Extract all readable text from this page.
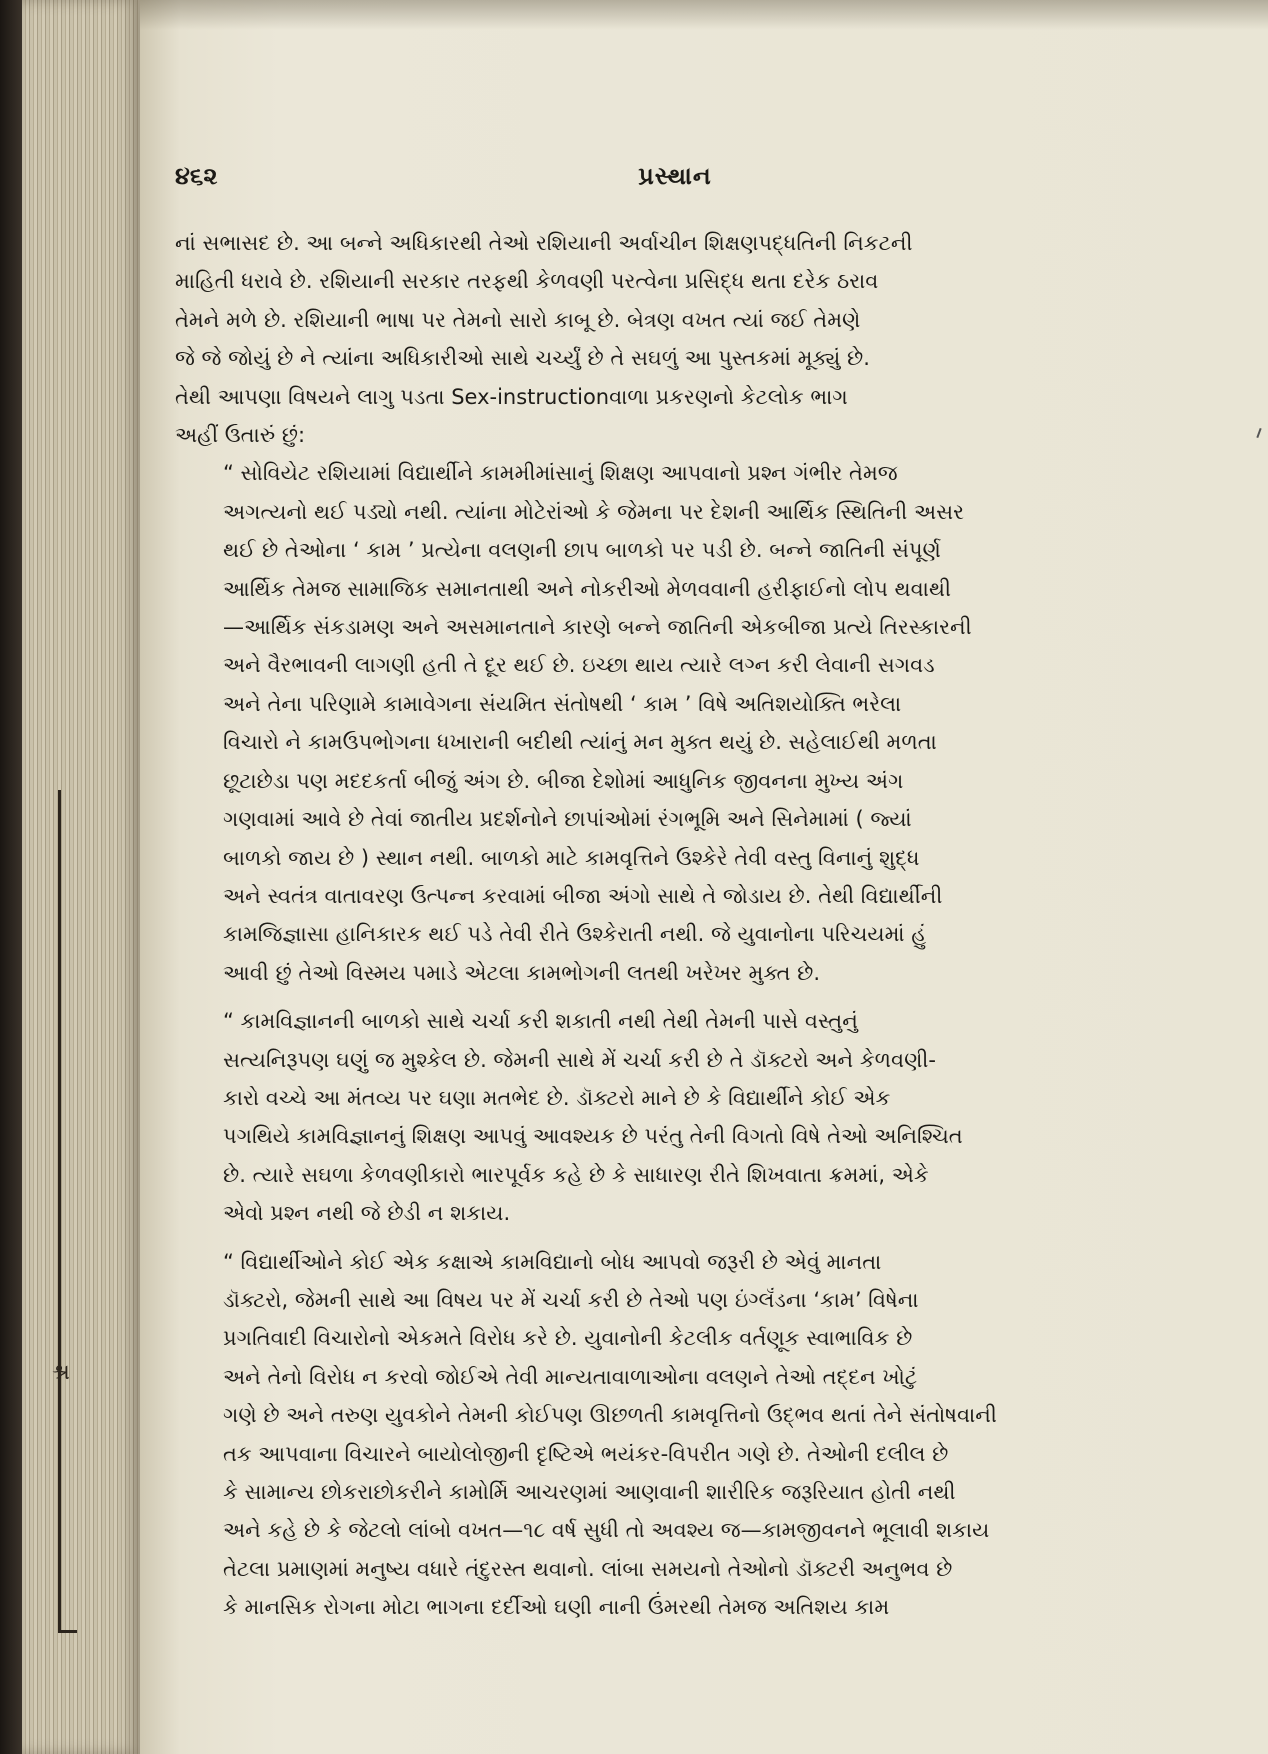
શ્ર
૪૬૨	પ્રસ્થાન
નાં સભાસદ છે. આ બન્ને અધિકારથી તેઓ રશિયાની અર્વાચીન શિક્ષણપદ્ધતિની નિકટની
માહિતી ધરાવે છે. રશિયાની સરકાર તરફથી કેળવણી પરત્વેના પ્રસિદ્ધ થતા દરેક ઠરાવ
તેમને મળે છે. રશિયાની ભાષા પર તેમનો સારો કાબૂ છે. બેત્રણ વખત ત્યાં જઈ તેમણે
જે જે જોયું છે ને ત્યાંના અધિકારીઓ સાથે ચર્ચ્યું છે તે સઘળું આ પુસ્તકમાં મૂક્યું છે.
તેથી આપણા વિષયને લાગુ પડતા Sex-instructionવાળા પ્રકરણનો કેટલોક ભાગ
અહીં ઉતારું છું:
“ સોવિયેટ રશિયામાં વિદ્યાર્થીને કામમીમાંસાનું શિક્ષણ આપવાનો પ્રશ્ન ગંભીર તેમજ
અગત્યનો થઈ પડ્યો નથી. ત્યાંના મોટેરાંઓ કે જેમના પર દેશની આર્થિક સ્થિતિની અસર
થઈ છે તેઓના ‘ કામ ’ પ્રત્યેના વલણની છાપ બાળકો પર પડી છે. બન્ને જાતિની સંપૂર્ણ
આર્થિક તેમજ સામાજિક સમાનતાથી અને નોકરીઓ મેળવવાની હરીફાઈનો લોપ થવાથી
—આર્થિક સંકડામણ અને અસમાનતાને કારણે બન્ને જાતિની એકબીજા પ્રત્યે તિરસ્કારની
અને વૈરભાવની લાગણી હતી તે દૂર થઈ છે. ઇચ્છા થાય ત્યારે લગ્ન કરી લેવાની સગવડ
અને તેના પરિણામે કામાવેગના સંયમિત સંતોષથી ‘ કામ ’ વિષે અતિશયોક્તિ ભરેલા
વિચારો ને કામઉપભોગના ધખારાની બદીથી ત્યાંનું મન મુક્ત થયું છે. સહેલાઈથી મળતા
છૂટાછેડા પણ મદદકર્તા બીજું અંગ છે. બીજા દેશોમાં આધુનિક જીવનના મુખ્ય અંગ
ગણવામાં આવે છે તેવાં જાતીય પ્રદર્શનોને છાપાંઓમાં રંગભૂમિ અને સિનેમામાં ( જ્યાં
બાળકો જાય છે ) સ્થાન નથી. બાળકો માટે કામવૃત્તિને ઉશ્કેરે તેવી વસ્તુ વિનાનું શુદ્ધ
અને સ્વતંત્ર વાતાવરણ ઉત્પન્ન કરવામાં બીજા અંગો સાથે તે જોડાય છે. તેથી વિદ્યાર્થીની
કામજિજ્ઞાસા હાનિકારક થઈ પડે તેવી રીતે ઉશ્કેરાતી નથી. જે યુવાનોના પરિચયમાં હું
આવી છું તેઓ વિસ્મય પમાડે એટલા કામભોગની લતથી ખરેખર મુક્ત છે.
“ કામવિજ્ઞાનની બાળકો સાથે ચર્ચા કરી શકાતી નથી તેથી તેમની પાસે વસ્તુનું
સત્યનિરૂપણ ઘણું જ મુશ્કેલ છે. જેમની સાથે મેં ચર્ચા કરી છે તે ડૉક્ટરો અને કેળવણી-
કારો વચ્ચે આ મંતવ્ય પર ઘણા મતભેદ છે. ડૉક્ટરો માને છે કે વિદ્યાર્થીને કોઈ એક
પગથિયે કામવિજ્ઞાનનું શિક્ષણ આપવું આવશ્યક છે પરંતુ તેની વિગતો વિષે તેઓ અનિશ્ચિત
છે. ત્યારે સઘળા કેળવણીકારો ભારપૂર્વક કહે છે કે સાધારણ રીતે શિખવાતા ક્રમમાં, એકે
એવો પ્રશ્ન નથી જે છેડી ન શકાય.
“ વિદ્યાર્થીઓને કોઈ એક કક્ષાએ કામવિદ્યાનો બોધ આપવો જરૂરી છે એવું માનતા
ડૉક્ટરો, જેમની સાથે આ વિષય પર મેં ચર્ચા કરી છે તેઓ પણ ઇંગ્લૅંડના ‘કામ’ વિષેના
પ્રગતિવાદી વિચારોનો એકમતે વિરોધ કરે છે. યુવાનોની કેટલીક વર્તણૂક સ્વાભાવિક છે
અને તેનો વિરોધ ન કરવો જોઈએ તેવી માન્યતાવાળાઓના વલણને તેઓ તદ્દન ખોટું
ગણે છે અને તરુણ યુવકોને તેમની કોઈપણ ઊછળતી કામવૃત્તિનો ઉદ્ભવ થતાં તેને સંતોષવાની
તક આપવાના વિચારને બાયોલોજીની દૃષ્ટિએ ભયંકર-વિપરીત ગણે છે. તેઓની દલીલ છે
કે સામાન્ય છોકરાછોકરીને કામોર્મિ આચરણમાં આણવાની શારીરિક જરૂરિયાત હોતી નથી
અને કહે છે કે જેટલો લાંબો વખત—૧૮ વર્ષ સુધી તો અવશ્ય જ—કામજીવનને ભૂલાવી શકાય
તેટલા પ્રમાણમાં મનુષ્ય વધારે તંદુરસ્ત થવાનો. લાંબા સમયનો તેઓનો ડૉક્ટરી અનુભવ છે
કે માનસિક રોગના મોટા ભાગના દર્દીઓ ઘણી નાની ઉંમરથી તેમજ અતિશય કામ
